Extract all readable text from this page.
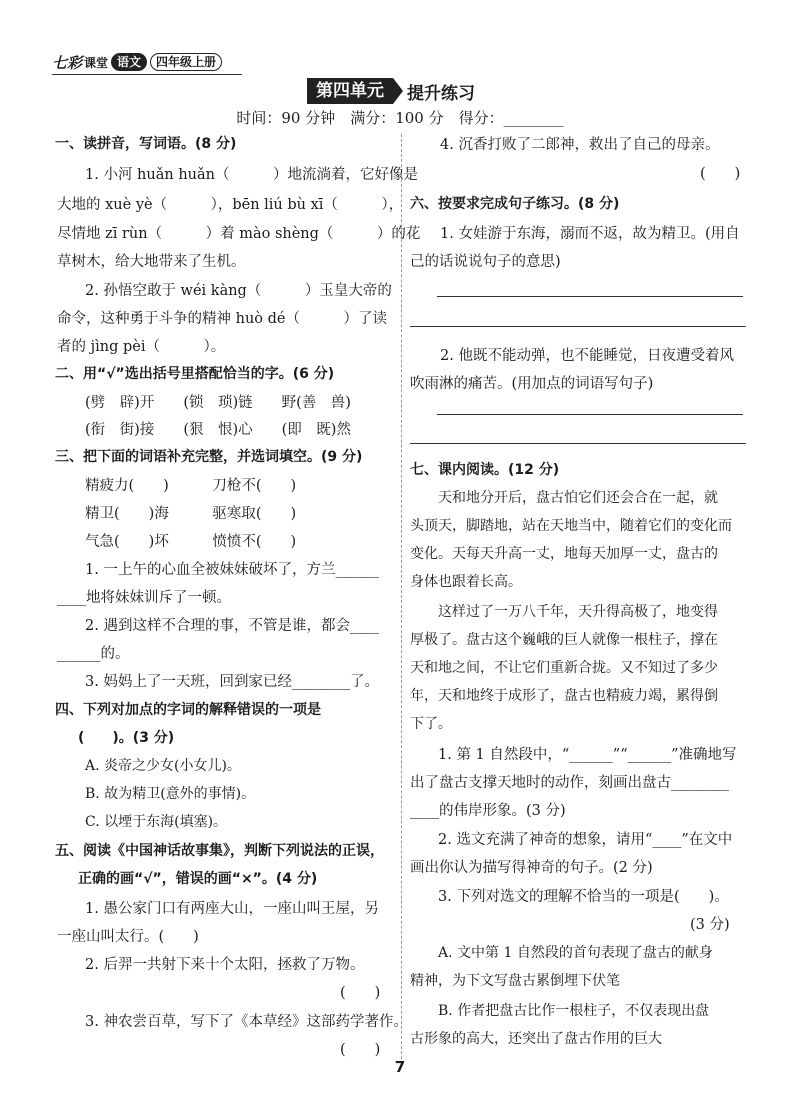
七彩 课堂 语文	四年级上册
第四单元	提升练习
时间：90 分钟　满分：100 分　得分：________
一、读拼音，写词语。(8 分)
1. 小河 huǎn huǎn（　　　）地流淌着，它好像是
大地的 xuè yè（　　　），bēn liú bù xī（　　　），
尽情地 zī rùn（　　　）着 mào shèng（　　　）的花
草树木，给大地带来了生机。
2. 孙悟空敢于 wéi kàng（　　　）玉皇大帝的
命令，这种勇于斗争的精神 huò dé（　　　）了读
者的 jìng pèi（　　　）。
二、用“√”选出括号里搭配恰当的字。(6 分)
(劈　辟)开　　(锁　琐)链　　野(善　兽)
(衔　街)接　　(狠　恨)心　　(即　既)然
三、把下面的词语补充完整，并选词填空。(9 分)
精疲力(　　)　　　刀枪不(　　)
精卫(　　)海　　　驱寒取(　　)
气急(　　)坏　　　愤愤不(　　)
1. 一上午的心血全被妹妹破坏了，方兰______
____地将妹妹训斥了一顿。
2. 遇到这样不合理的事，不管是谁，都会____
______的。
3. 妈妈上了一天班，回到家已经________了。
四、下列对加点的字词的解释错误的一项是
(　　)。(3 分)
A. 炎帝之少女(小女儿)。
B. 故为精卫(意外的事情)。
C. 以堙于东海(填塞)。
五、阅读《中国神话故事集》，判断下列说法的正误，
正确的画“√”，错误的画“×”。(4 分)
1. 愚公家门口有两座大山，一座山叫王屋，另
一座山叫太行。(　　)
2. 后羿一共射下来十个太阳，拯救了万物。
(　　)
3. 神农尝百草，写下了《本草经》这部药学著作。
(　　)
4. 沉香打败了二郎神，救出了自己的母亲。
(　　)
六、按要求完成句子练习。(8 分)
1. 女娃游于东海，溺而不返，故为精卫。(用自
己的话说说句子的意思)
2. 他既不能动弹，也不能睡觉，日夜遭受着风
吹雨淋的痛苦。(用加点的词语写句子)
七、课内阅读。(12 分)
天和地分开后，盘古怕它们还会合在一起，就
头顶天，脚踏地，站在天地当中，随着它们的变化而
变化。天每天升高一丈，地每天加厚一丈，盘古的
身体也跟着长高。
这样过了一万八千年，天升得高极了，地变得
厚极了。盘古这个巍峨的巨人就像一根柱子，撑在
天和地之间，不让它们重新合拢。又不知过了多少
年，天和地终于成形了，盘古也精疲力竭，累得倒
下了。
1. 第 1 自然段中，“______”“______”准确地写
出了盘古支撑天地时的动作，刻画出盘古________
____的伟岸形象。(3 分)
2. 选文充满了神奇的想象，请用“____”在文中
画出你认为描写得神奇的句子。(2 分)
3. 下列对选文的理解不恰当的一项是(　　)。
(3 分)
A. 文中第 1 自然段的首句表现了盘古的献身
精神，为下文写盘古累倒埋下伏笔
B. 作者把盘古比作一根柱子，不仅表现出盘
古形象的高大，还突出了盘古作用的巨大
7
